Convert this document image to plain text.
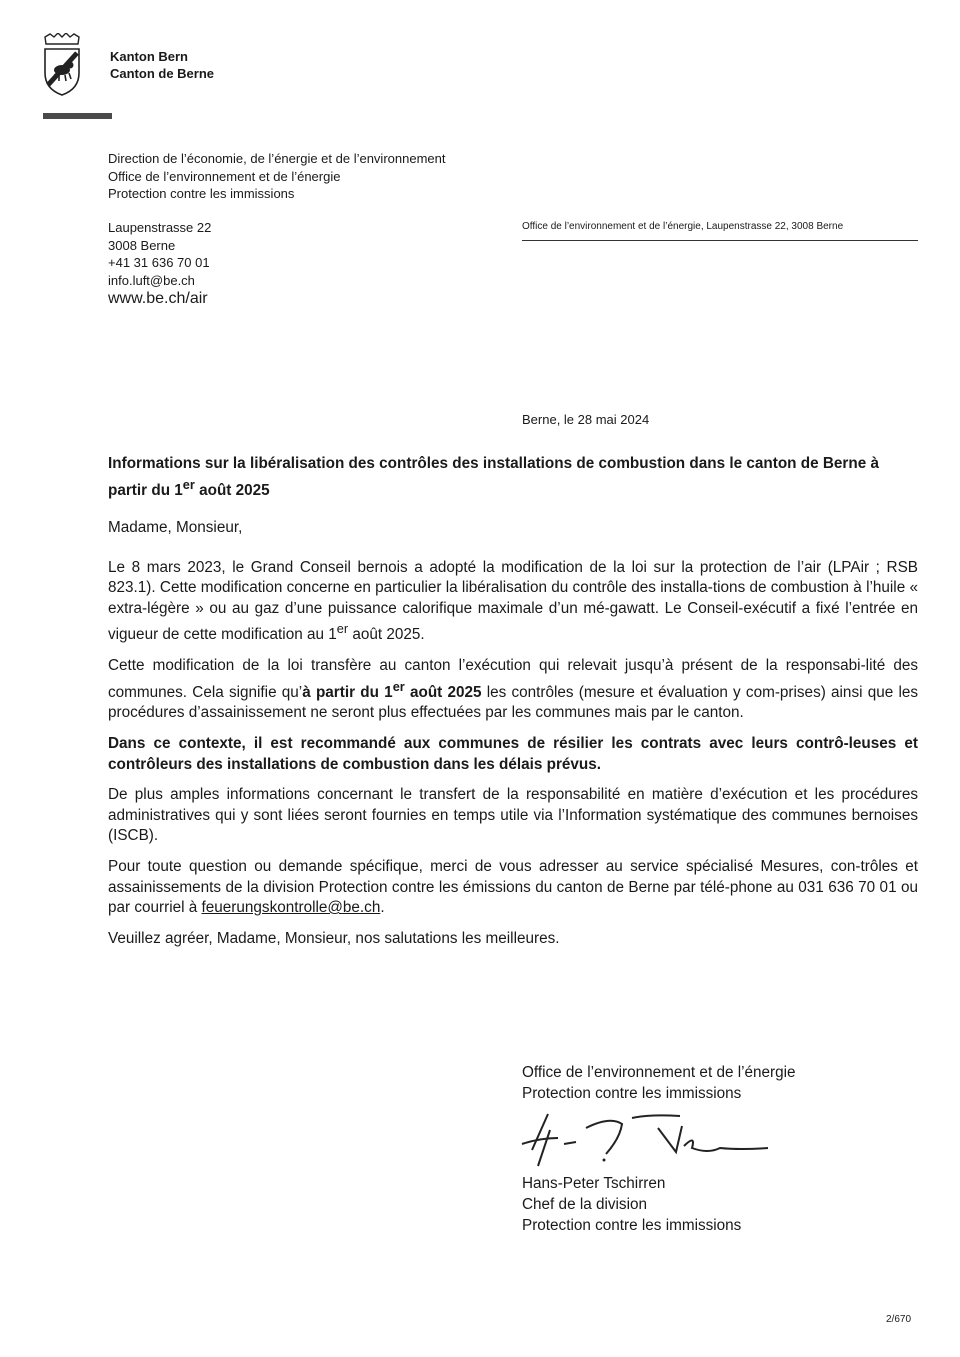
Kanton Bern
Canton de Berne
Direction de l’économie, de l’énergie et de l’environnement
Office de l’environnement et de l’énergie
Protection contre les immissions
Laupenstrasse 22
3008 Berne
+41 31 636 70 01
info.luft@be.ch
www.be.ch/air
Office de l’environnement et de l’énergie, Laupenstrasse 22, 3008 Berne
Berne, le 28 mai 2024
Informations sur la libéralisation des contrôles des installations de combustion dans le canton de Berne à partir du 1er août 2025

Madame, Monsieur,

Le 8 mars 2023, le Grand Conseil bernois a adopté la modification de la loi sur la protection de l’air (LPAir ; RSB 823.1). Cette modification concerne en particulier la libéralisation du contrôle des installa-tions de combustion à l’huile « extra-légère » ou au gaz d’une puissance calorifique maximale d’un mé-gawatt. Le Conseil-exécutif a fixé l’entrée en vigueur de cette modification au 1er août 2025.

Cette modification de la loi transfère au canton l’exécution qui relevait jusqu’à présent de la responsabi-lité des communes. Cela signifie qu’à partir du 1er août 2025 les contrôles (mesure et évaluation y com-prises) ainsi que les procédures d’assainissement ne seront plus effectuées par les communes mais par le canton.

Dans ce contexte, il est recommandé aux communes de résilier les contrats avec leurs contrô-leuses et contrôleurs des installations de combustion dans les délais prévus.

De plus amples informations concernant le transfert de la responsabilité en matière d’exécution et les procédures administratives qui y sont liées seront fournies en temps utile via l’Information systématique des communes bernoises (ISCB).

Pour toute question ou demande spécifique, merci de vous adresser au service spécialisé Mesures, con-trôles et assainissements de la division Protection contre les émissions du canton de Berne par télé-phone au 031 636 70 01 ou par courriel à feuerungskontrolle@be.ch.

Veuillez agréer, Madame, Monsieur, nos salutations les meilleures.

Office de l’environnement et de l’énergie
Protection contre les immissions
Hans-Peter Tschirren
Chef de la division
Protection contre les immissions
2/670
